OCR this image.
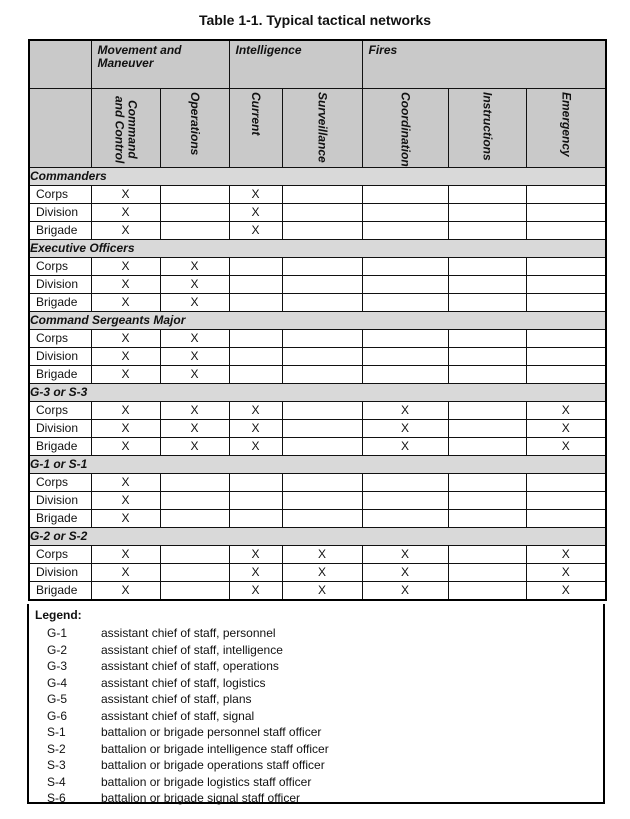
Table 1-1. Typical tactical networks
	Movement and Maneuver		Intelligence		Fires		

	Command and Control	Operations	Current	Surveillance	Coordination	Instructions	Emergency

Commanders							
Corps	X		X				
Division	X		X				
Brigade	X		X				
Executive Officers							
Corps	X	X					
Division	X	X					
Brigade	X	X					
Command Sergeants Major							
Corps	X	X					
Division	X	X					
Brigade	X	X					
G-3 or S-3							
Corps	X	X	X		X		X
Division	X	X	X		X		X
Brigade	X	X	X		X		X
G-1 or S-1							
Corps	X						
Division	X						
Brigade	X						
G-2 or S-2							
Corps	X		X	X	X		X
Division	X		X	X	X		X
Brigade	X		X	X	X		X
Legend:
G-1	assistant chief of staff, personnel
G-2	assistant chief of staff, intelligence
G-3	assistant chief of staff, operations
G-4	assistant chief of staff, logistics
G-5	assistant chief of staff, plans
G-6	assistant chief of staff, signal
S-1	battalion or brigade personnel staff officer
S-2	battalion or brigade intelligence staff officer
S-3	battalion or brigade operations staff officer
S-4	battalion or brigade logistics staff officer
S-6	battalion or brigade signal staff officer
